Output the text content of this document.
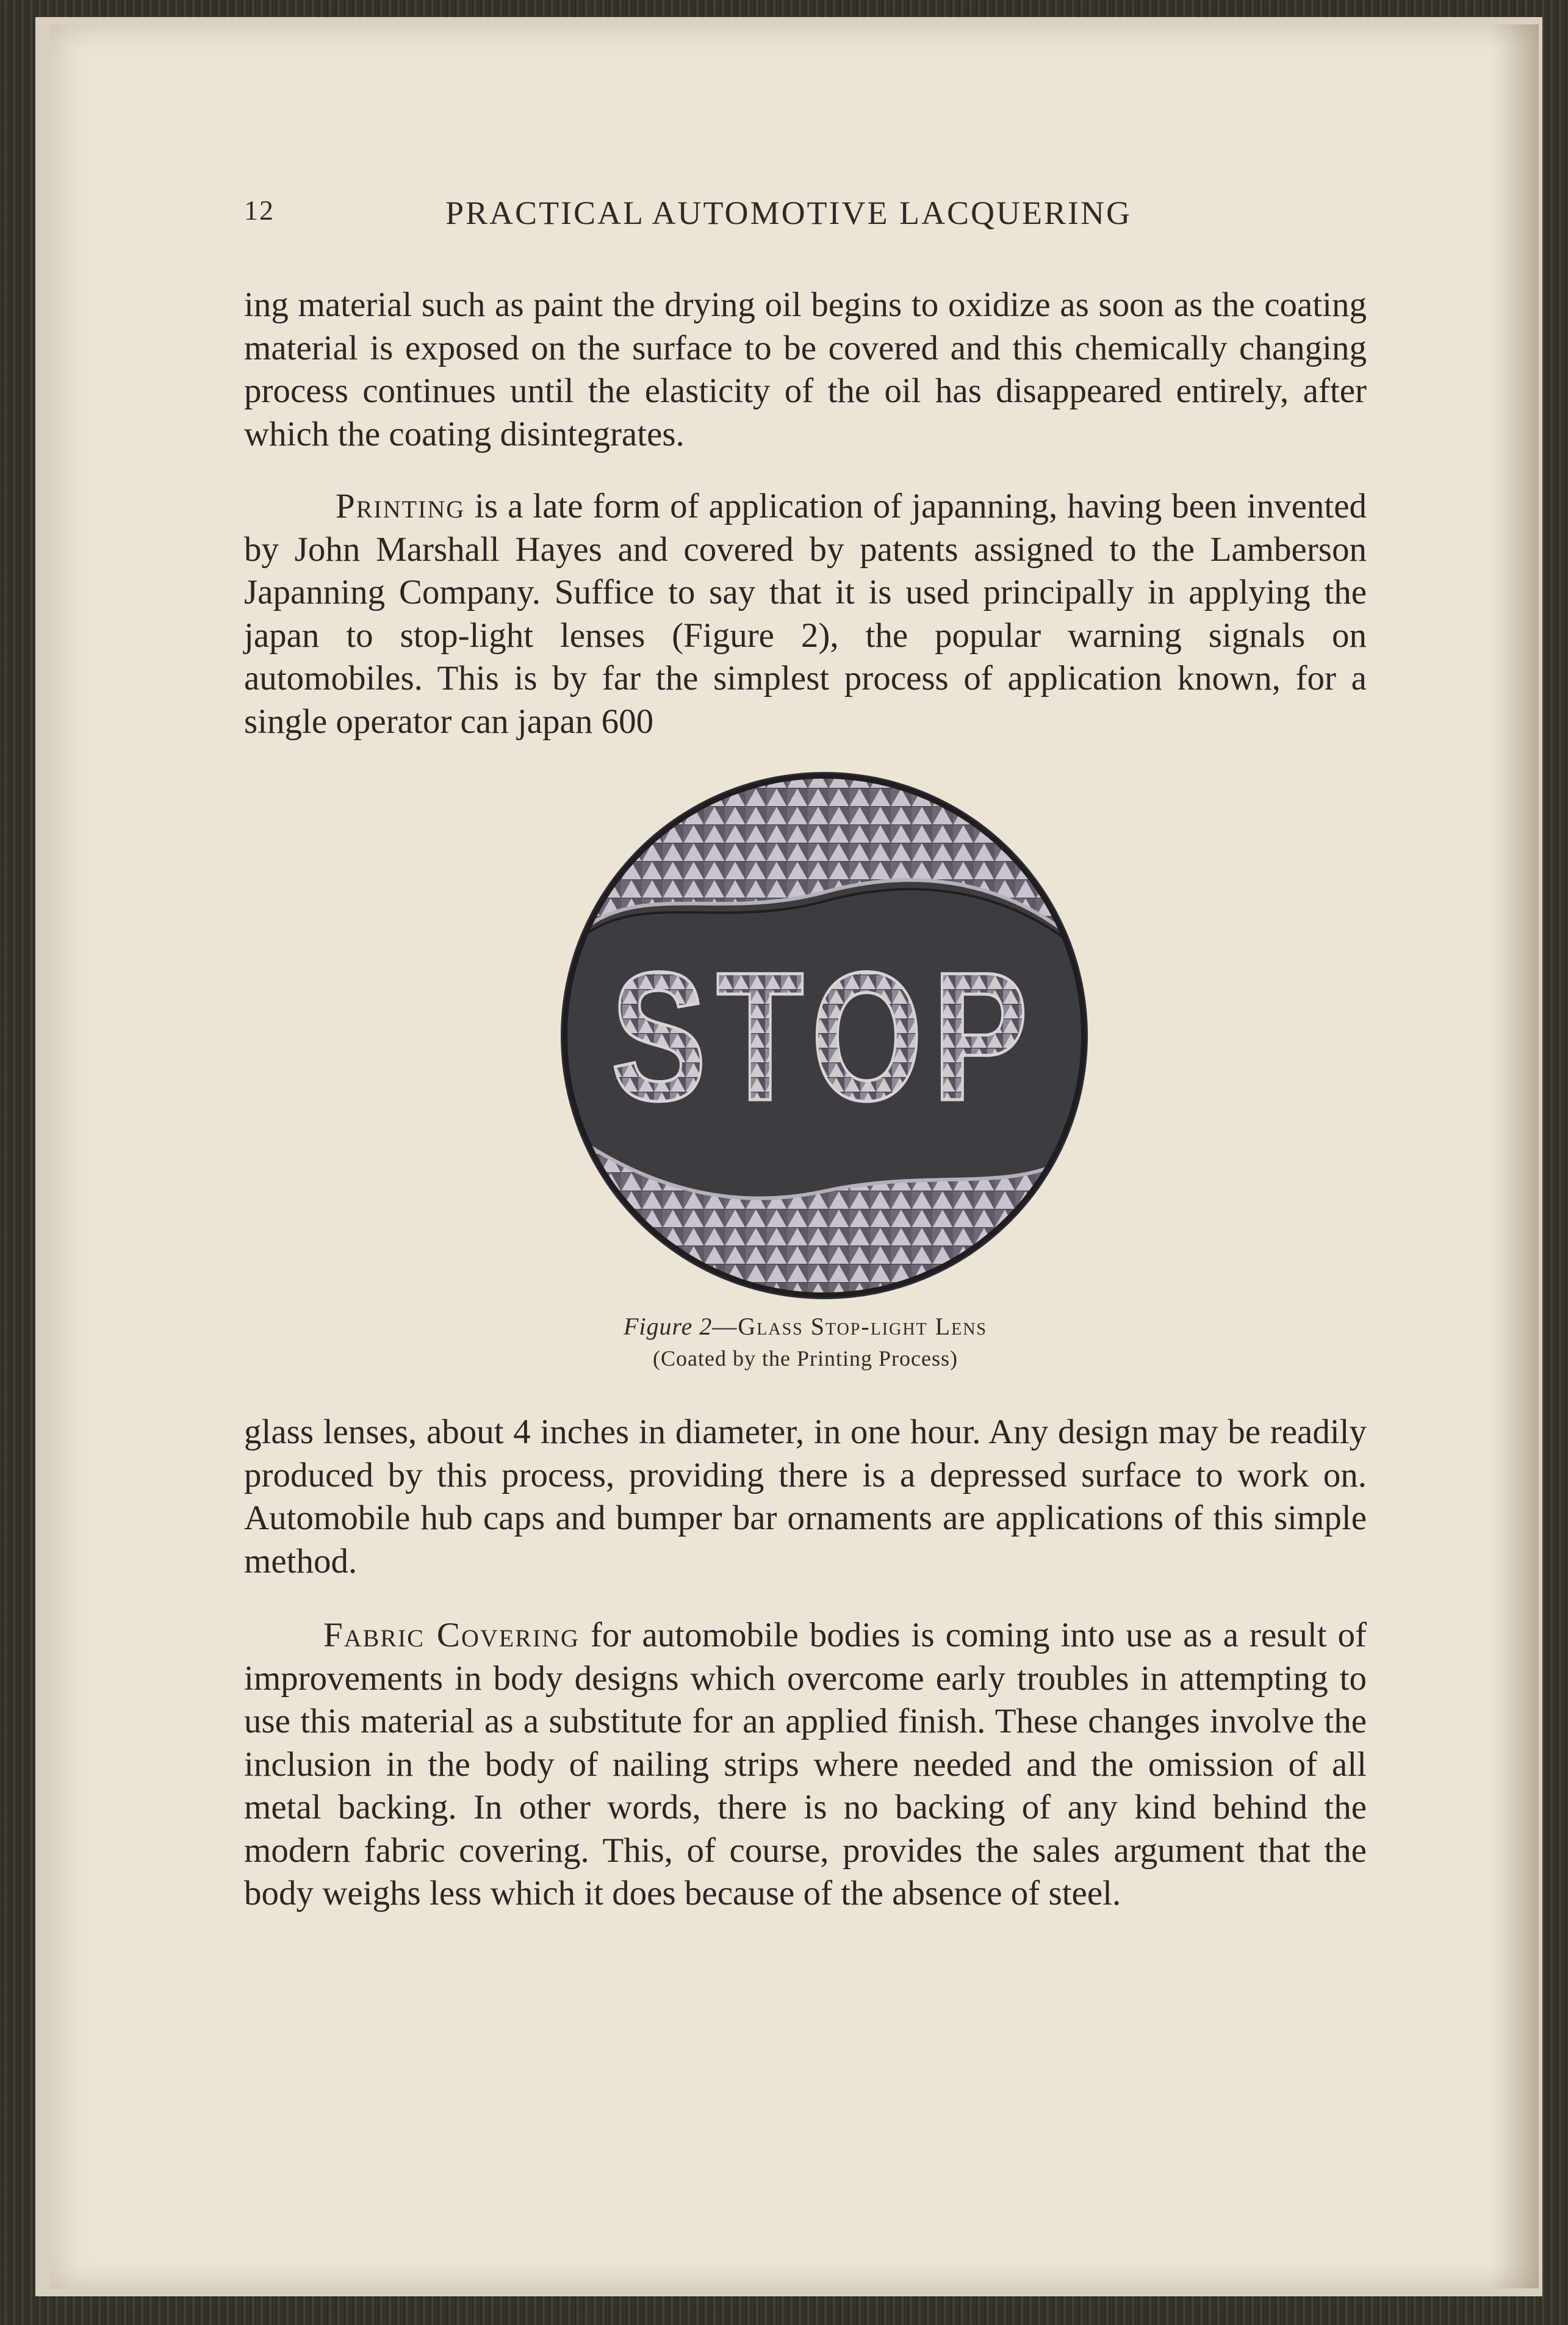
12	PRACTICAL AUTOMOTIVE LACQUERING

ing material such as paint the drying oil begins to oxidize as soon as the coating material is exposed on the surface to be covered and this chemically changing process continues until the elasticity of the oil has disappeared entirely, after which the coating disintegrates.

Printing is a late form of application of japanning, having been invented by John Marshall Hayes and covered by patents assigned to the Lamberson Japanning Company. Suffice to say that it is used principally in applying the japan to stop-light lenses (Figure 2), the popular warning signals on automobiles. This is by far the simplest process of application known, for a single operator can japan 600

STOP
Figure 2—Glass Stop-light Lens
(Coated by the Printing Process)

glass lenses, about 4 inches in diameter, in one hour. Any design may be readily produced by this process, providing there is a depressed surface to work on. Automobile hub caps and bumper bar ornaments are applications of this simple method.

Fabric Covering for automobile bodies is coming into use as a result of improvements in body designs which overcome early troubles in attempting to use this material as a substitute for an applied finish. These changes involve the inclusion in the body of nailing strips where needed and the omission of all metal backing. In other words, there is no backing of any kind behind the modern fabric covering. This, of course, provides the sales argument that the body weighs less which it does because of the absence of steel.
